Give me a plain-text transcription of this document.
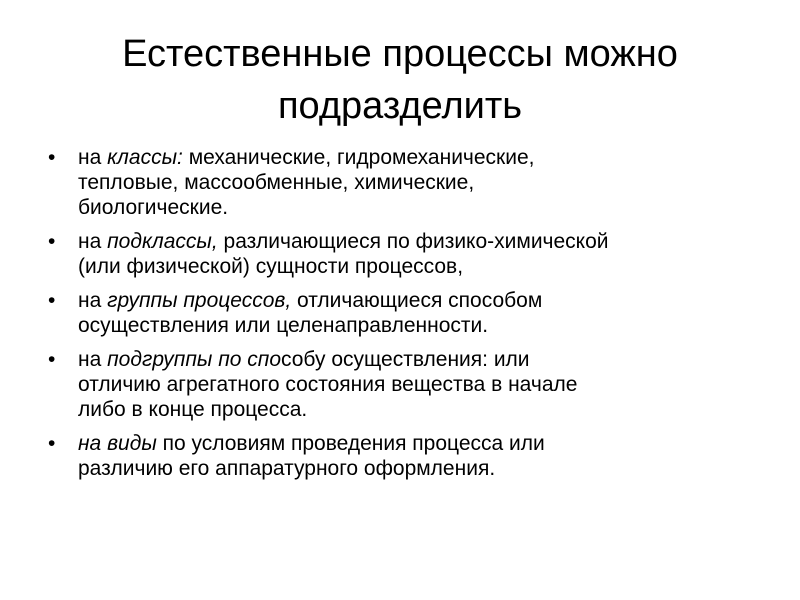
Естественные процессы можно
подразделить
• на классы: механические, гидромеханические,
тепловые, массообменные, химические,
биологические.
• на подклассы, различающиеся по физико-химической
(или физической) сущности процессов,
• на группы процессов, отличающиеся способом
осуществления или целенаправленности.
• на подгруппы по способу осуществления: или
отличию агрегатного состояния вещества в начале
либо в конце процесса.
• на виды по условиям проведения процесса или
различию его аппаратурного оформления.
